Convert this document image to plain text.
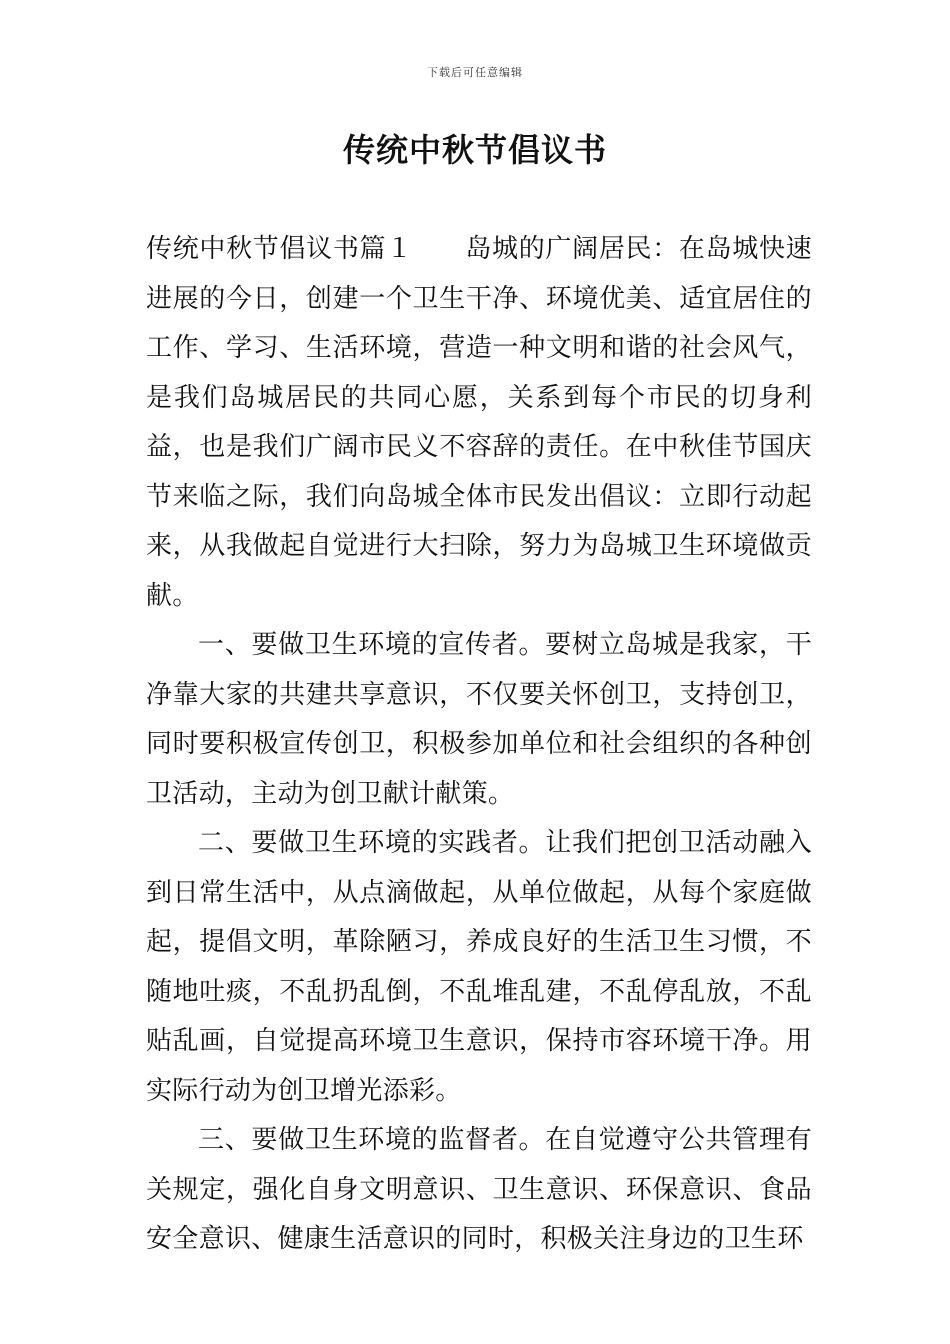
下载后可任意编辑
传统中秋节倡议书

传统中秋节倡议书篇１ 岛城的广阔居民：在岛城快速进展的今日，创建一个卫生干净、环境优美、适宜居住的工作、学习、生活环境，营造一种文明和谐的社会风气，是我们岛城居民的共同心愿，关系到每个市民的切身利益，也是我们广阔市民义不容辞的责任。在中秋佳节国庆节来临之际，我们向岛城全体市民发出倡议：立即行动起来，从我做起自觉进行大扫除，努力为岛城卫生环境做贡献。

一、要做卫生环境的宣传者。要树立岛城是我家，干净靠大家的共建共享意识，不仅要关怀创卫，支持创卫，同时要积极宣传创卫，积极参加单位和社会组织的各种创卫活动，主动为创卫献计献策。

二、要做卫生环境的实践者。让我们把创卫活动融入到日常生活中，从点滴做起，从单位做起，从每个家庭做起，提倡文明，革除陋习，养成良好的生活卫生习惯，不随地吐痰，不乱扔乱倒，不乱堆乱建，不乱停乱放，不乱贴乱画，自觉提高环境卫生意识，保持市容环境干净。用实际行动为创卫增光添彩。

三、要做卫生环境的监督者。在自觉遵守公共管理有关规定，强化自身文明意识、卫生意识、环保意识、食品安全意识、健康生活意识的同时，积极关注身边的卫生环
